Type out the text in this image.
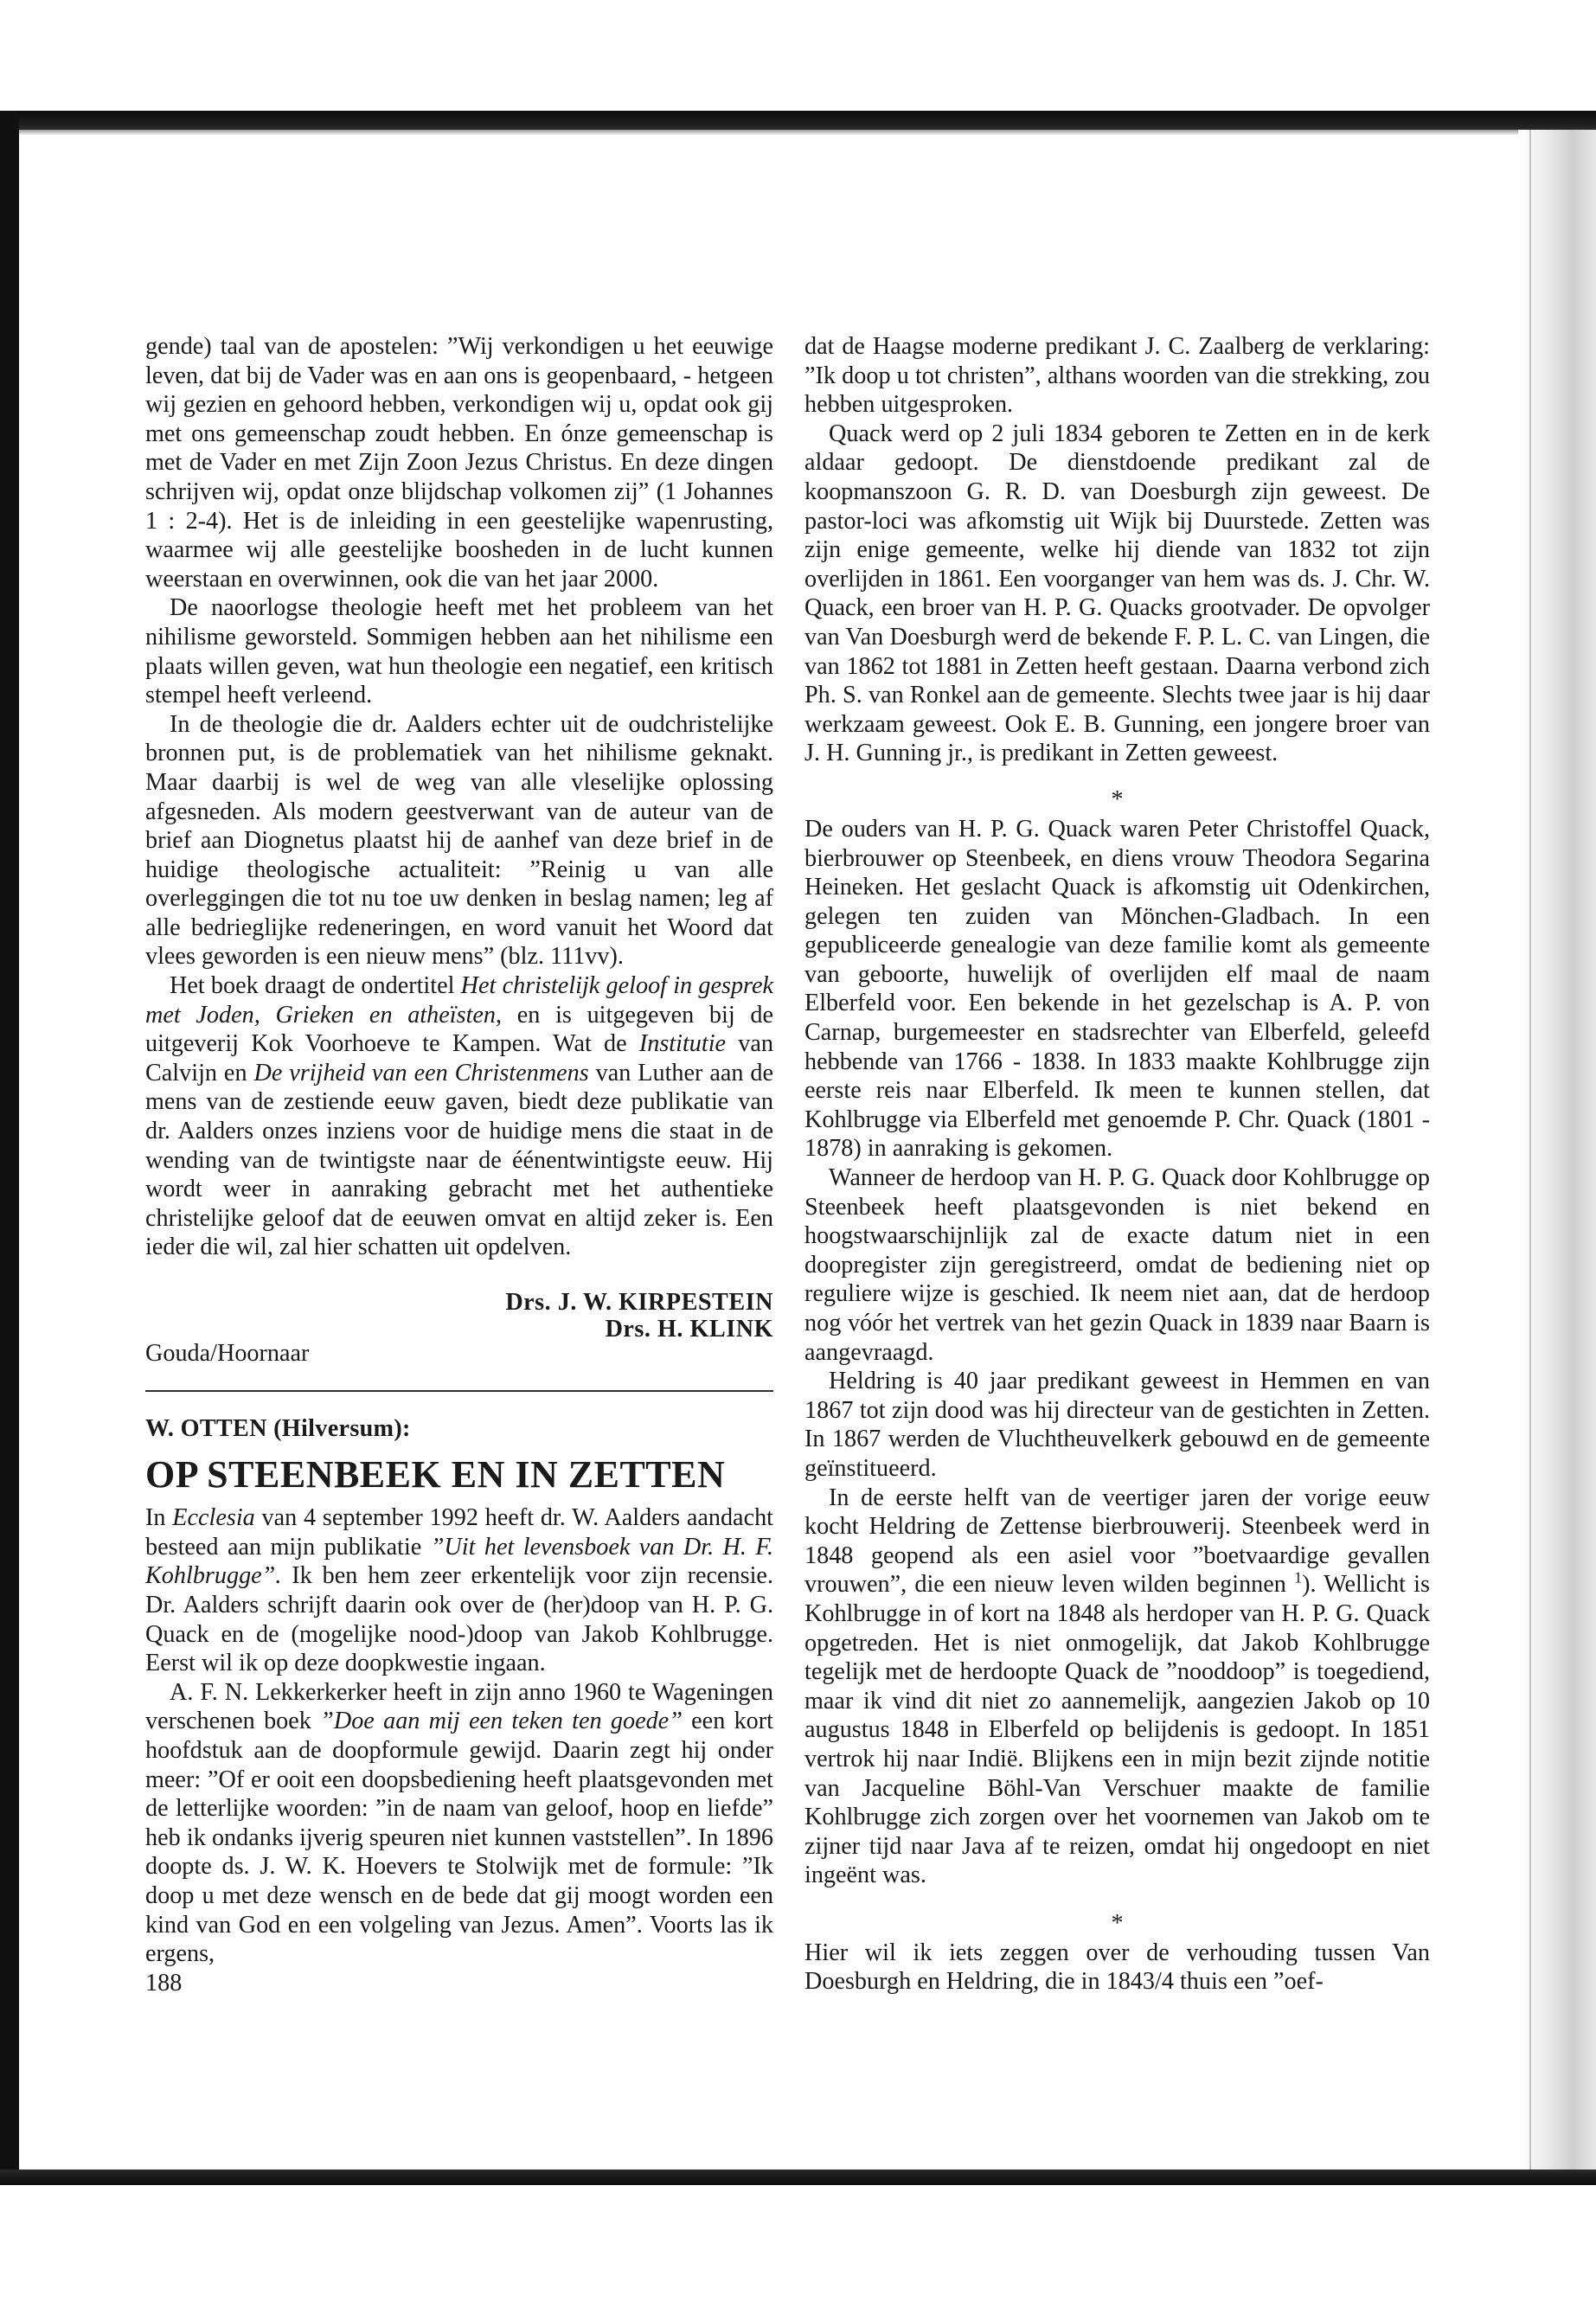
gende) taal van de apostelen: ”Wij verkondigen u het eeuwige leven, dat bij de Vader was en aan ons is geopenbaard, - hetgeen wij gezien en gehoord hebben, verkondigen wij u, opdat ook gij met ons gemeenschap zoudt hebben. En ónze gemeenschap is met de Vader en met Zijn Zoon Jezus Christus. En deze dingen schrijven wij, opdat onze blijdschap volkomen zij” (1 Johannes 1 : 2-4). Het is de inleiding in een geestelijke wapenrusting, waarmee wij alle geestelijke boosheden in de lucht kunnen weerstaan en overwinnen, ook die van het jaar 2000.

De naoorlogse theologie heeft met het probleem van het nihilisme geworsteld. Sommigen hebben aan het nihilisme een plaats willen geven, wat hun theologie een negatief, een kritisch stempel heeft verleend.

In de theologie die dr. Aalders echter uit de oudchristelijke bronnen put, is de problematiek van het nihilisme geknakt. Maar daarbij is wel de weg van alle vleselijke oplossing afgesneden. Als modern geestverwant van de auteur van de brief aan Diognetus plaatst hij de aanhef van deze brief in de huidige theologische actualiteit: ”Reinig u van alle overleggingen die tot nu toe uw denken in beslag namen; leg af alle bedrieglijke redeneringen, en word vanuit het Woord dat vlees geworden is een nieuw mens” (blz. 111vv).

Het boek draagt de ondertitel Het christelijk geloof in gesprek met Joden, Grieken en atheïsten, en is uitgegeven bij de uitgeverij Kok Voorhoeve te Kampen. Wat de Institutie van Calvijn en De vrijheid van een Christenmens van Luther aan de mens van de zestiende eeuw gaven, biedt deze publikatie van dr. Aalders onzes inziens voor de huidige mens die staat in de wending van de twintigste naar de éénentwintigste eeuw. Hij wordt weer in aanraking gebracht met het authentieke christelijke geloof dat de eeuwen omvat en altijd zeker is. Een ieder die wil, zal hier schatten uit opdelven.

Drs. J. W. KIRPESTEIN

Drs. H. KLINK

Gouda/Hoornaar

W. OTTEN (Hilversum):

OP STEENBEEK EN IN ZETTEN

In Ecclesia van 4 september 1992 heeft dr. W. Aalders aandacht besteed aan mijn publikatie ”Uit het levensboek van Dr. H. F. Kohlbrugge”. Ik ben hem zeer erkentelijk voor zijn recensie. Dr. Aalders schrijft daarin ook over de (her)doop van H. P. G. Quack en de (mogelijke nood-)doop van Jakob Kohlbrugge. Eerst wil ik op deze doopkwestie ingaan.

A. F. N. Lekkerkerker heeft in zijn anno 1960 te Wageningen verschenen boek ”Doe aan mij een teken ten goede” een kort hoofdstuk aan de doopformule gewijd. Daarin zegt hij onder meer: ”Of er ooit een doopsbediening heeft plaatsgevonden met de letterlijke woorden: ”in de naam van geloof, hoop en liefde” heb ik ondanks ijverig speuren niet kunnen vaststellen”. In 1896 doopte ds. J. W. K. Hoevers te Stolwijk met de formule: ”Ik doop u met deze wensch en de bede dat gij moogt worden een kind van God en een volgeling van Jezus. Amen”. Voorts las ik ergens,

188

dat de Haagse moderne predikant J. C. Zaalberg de verklaring: ”Ik doop u tot christen”, althans woorden van die strekking, zou hebben uitgesproken.

Quack werd op 2 juli 1834 geboren te Zetten en in de kerk aldaar gedoopt. De dienstdoende predikant zal de koopmanszoon G. R. D. van Doesburgh zijn geweest. De pastor-loci was afkomstig uit Wijk bij Duurstede. Zetten was zijn enige gemeente, welke hij diende van 1832 tot zijn overlijden in 1861. Een voorganger van hem was ds. J. Chr. W. Quack, een broer van H. P. G. Quacks grootvader. De opvolger van Van Doesburgh werd de bekende F. P. L. C. van Lingen, die van 1862 tot 1881 in Zetten heeft gestaan. Daarna verbond zich Ph. S. van Ronkel aan de gemeente. Slechts twee jaar is hij daar werkzaam geweest. Ook E. B. Gunning, een jongere broer van J. H. Gunning jr., is predikant in Zetten geweest.

*

De ouders van H. P. G. Quack waren Peter Christoffel Quack, bierbrouwer op Steenbeek, en diens vrouw Theodora Segarina Heineken. Het geslacht Quack is afkomstig uit Odenkirchen, gelegen ten zuiden van Mönchen-Gladbach. In een gepubliceerde genealogie van deze familie komt als gemeente van geboorte, huwelijk of overlijden elf maal de naam Elberfeld voor. Een bekende in het gezelschap is A. P. von Carnap, burgemeester en stadsrechter van Elberfeld, geleefd hebbende van 1766 - 1838. In 1833 maakte Kohlbrugge zijn eerste reis naar Elberfeld. Ik meen te kunnen stellen, dat Kohlbrugge via Elberfeld met genoemde P. Chr. Quack (1801 - 1878) in aanraking is gekomen.

Wanneer de herdoop van H. P. G. Quack door Kohlbrugge op Steenbeek heeft plaatsgevonden is niet bekend en hoogstwaarschijnlijk zal de exacte datum niet in een doopregister zijn geregistreerd, omdat de bediening niet op reguliere wijze is geschied. Ik neem niet aan, dat de herdoop nog vóór het vertrek van het gezin Quack in 1839 naar Baarn is aangevraagd.

Heldring is 40 jaar predikant geweest in Hemmen en van 1867 tot zijn dood was hij directeur van de gestichten in Zetten. In 1867 werden de Vluchtheuvelkerk gebouwd en de gemeente geïnstitueerd.

In de eerste helft van de veertiger jaren der vorige eeuw kocht Heldring de Zettense bierbrouwerij. Steenbeek werd in 1848 geopend als een asiel voor ”boetvaardige gevallen vrouwen”, die een nieuw leven wilden beginnen $^1$). Wellicht is Kohlbrugge in of kort na 1848 als herdoper van H. P. G. Quack opgetreden. Het is niet onmogelijk, dat Jakob Kohlbrugge tegelijk met de herdoopte Quack de ”nooddoop” is toegediend, maar ik vind dit niet zo aannemelijk, aangezien Jakob op 10 augustus 1848 in Elberfeld op belijdenis is gedoopt. In 1851 vertrok hij naar Indië. Blijkens een in mijn bezit zijnde notitie van Jacqueline Böhl-Van Verschuer maakte de familie Kohlbrugge zich zorgen over het voornemen van Jakob om te zijner tijd naar Java af te reizen, omdat hij ongedoopt en niet ingeënt was.

*

Hier wil ik iets zeggen over de verhouding tussen Van Doesburgh en Heldring, die in 1843/4 thuis een ”oef-
